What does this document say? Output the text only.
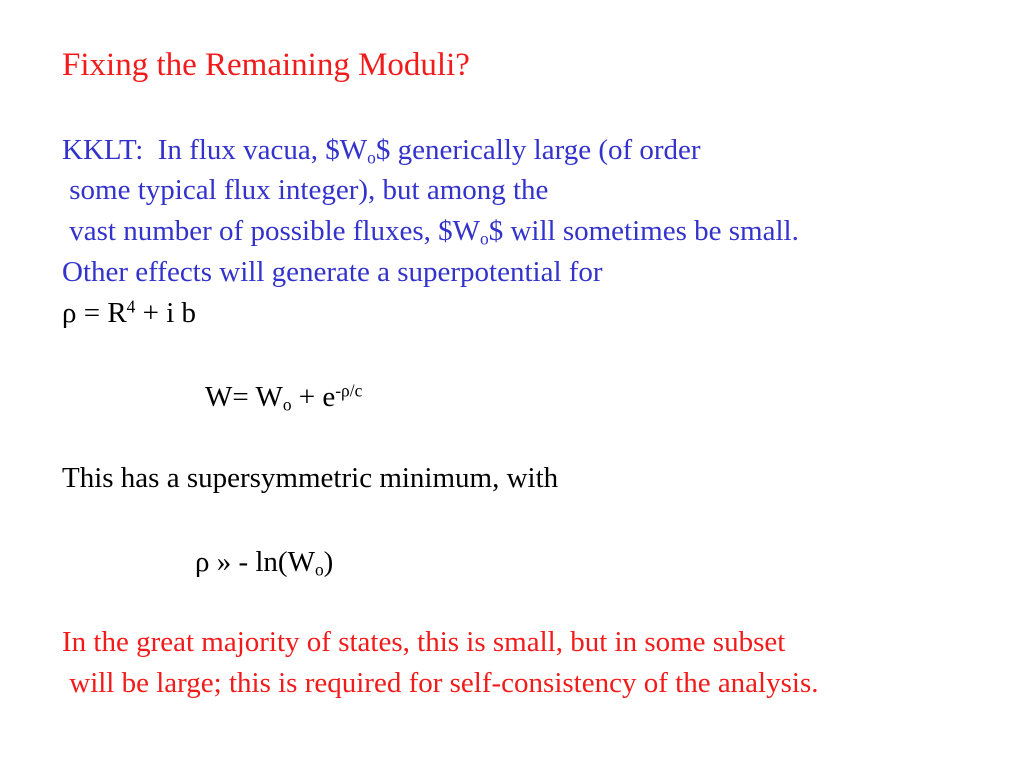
Fixing the Remaining Moduli?
KKLT:  In flux vacua, $\$W_o\$$ generically large (of order
some typical flux integer), but among the
vast number of possible fluxes, $\$W_o\$$ will sometimes be small.
Other effects will generate a superpotential for
$\rho = R^4 + i$ b
$W= W_o + e^{-\rho/c}$
This has a supersymmetric minimum, with
ρ » - $\ln(W_o)$
In the great majority of states, this is small, but in some subset
will be large; this is required for self-consistency of the analysis.
